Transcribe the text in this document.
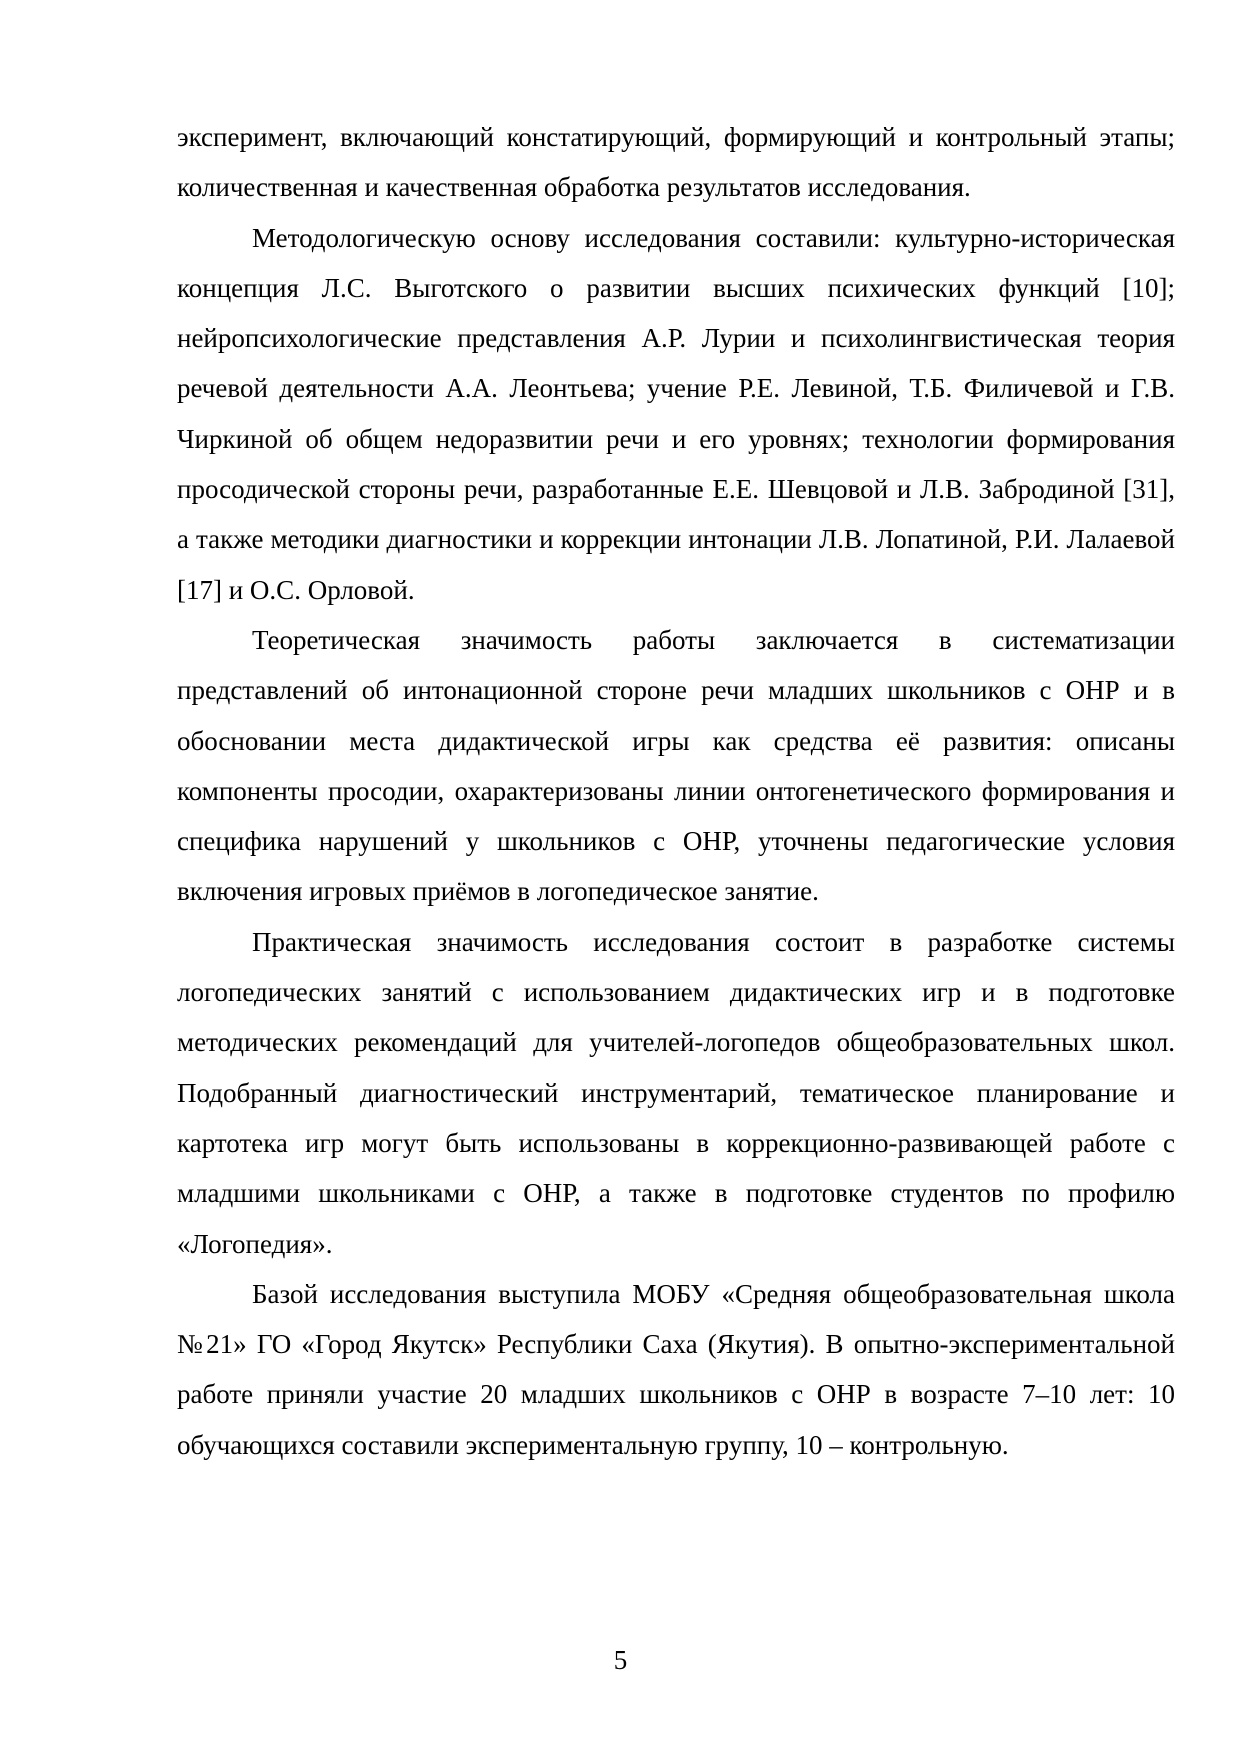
эксперимент, включающий констатирующий, формирующий и контрольный этапы; количественная и качественная обработка результатов исследования.

Методологическую основу исследования составили: культурно-историческая концепция Л.С. Выготского о развитии высших психических функций [10]; нейропсихологические представления А.Р. Лурии и психолингвистическая теория речевой деятельности А.А. Леонтьева; учение Р.Е. Левиной, Т.Б. Филичевой и Г.В. Чиркиной об общем недоразвитии речи и его уровнях; технологии формирования просодической стороны речи, разработанные Е.Е. Шевцовой и Л.В. Забродиной [31], а также методики диагностики и коррекции интонации Л.В. Лопатиной, Р.И. Лалаевой [17] и О.С. Орловой.

Теоретическая значимость работы заключается в систематизации представлений об интонационной стороне речи младших школьников с ОНР и в обосновании места дидактической игры как средства её развития: описаны компоненты просодии, охарактеризованы линии онтогенетического формирования и специфика нарушений у школьников с ОНР, уточнены педагогические условия включения игровых приёмов в логопедическое занятие.

Практическая значимость исследования состоит в разработке системы логопедических занятий с использованием дидактических игр и в подготовке методических рекомендаций для учителей-логопедов общеобразовательных школ. Подобранный диагностический инструментарий, тематическое планирование и картотека игр могут быть использованы в коррекционно-развивающей работе с младшими школьниками с ОНР, а также в подготовке студентов по профилю «Логопедия».

Базой исследования выступила МОБУ «Средняя общеобразовательная школа №21» ГО «Город Якутск» Республики Саха (Якутия). В опытно-экспериментальной работе приняли участие 20 младших школьников с ОНР в возрасте 7–10 лет: 10 обучающихся составили экспериментальную группу, 10 – контрольную.

5
